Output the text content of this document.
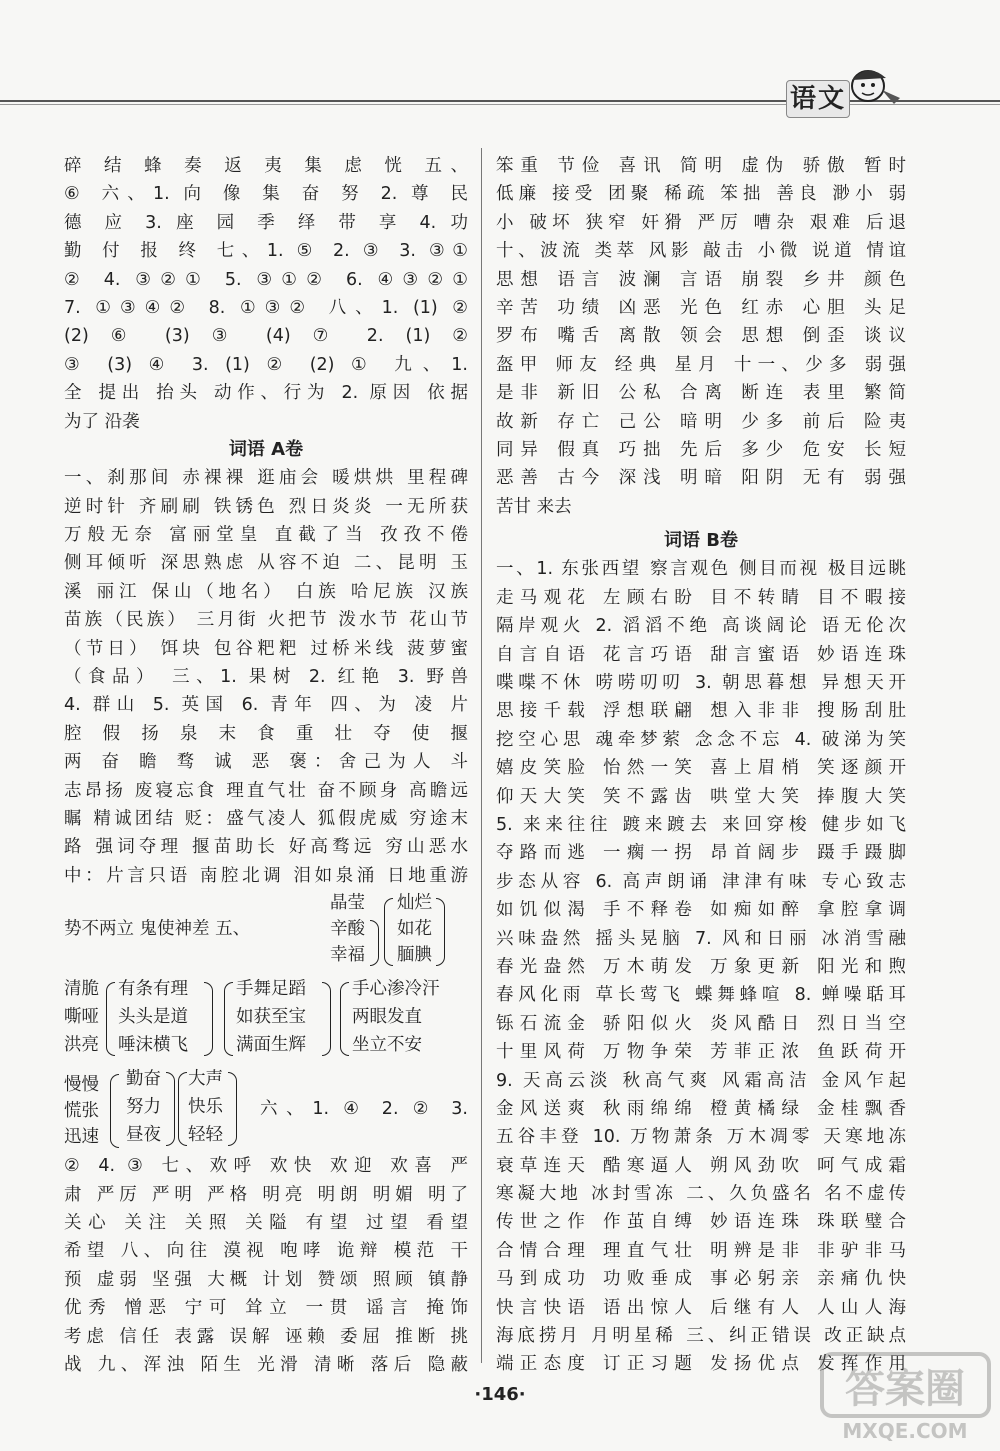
语文
碎 结 蜂 奏 返 夷 集 虑 恍 五、
⑥ 六、1. 向 像 集 奋 努 2. 尊 民
德 应 3. 座 园 季 绎 带 享 4. 功
勤 付 报 终 七、1. ⑤ 2. ③ 3. ③①
② 4. ③②① 5. ③①② 6. ④③②①
7. ①③④② 8. ①③② 八、1. (1) ②
(2) ⑥ (3) ③ (4) ⑦ 2. (1) ②
③ (3) ④ 3. (1) ② (2) ① 九、1.
全 提出 抬头 动作、行为 2. 原因 依据
为了 沿袭
词语 A卷
一、刹那间 赤裸裸 逛庙会 暖烘烘 里程碑
逆时针 齐刷刷 铁锈色 烈日炎炎 一无所获
万般无奈 富丽堂皇 直截了当 孜孜不倦
侧耳倾听 深思熟虑 从容不迫 二、昆明 玉
溪 丽江 保山（地名） 白族 哈尼族 汉族
苗族（民族） 三月街 火把节 泼水节 花山节
（节日） 饵块 包谷粑粑 过桥米线 菠萝蜜
（食品） 三、1. 果树 2. 红艳 3. 野兽
4. 群山 5. 英国 6. 青年 四、为 凌 片
腔 假 扬 泉 末 食 重 壮 夺 使 揠
两 奋 瞻 骛 诚 恶 褒：舍己为人 斗
志昂扬 废寝忘食 理直气壮 奋不顾身 高瞻远
瞩 精诚团结 贬：盛气凌人 狐假虎威 穷途末
路 强词夺理 揠苗助长 好高骛远 穷山恶水
中：片言只语 南腔北调 泪如泉涌 日地重游
势不两立 鬼使神差 五、
晶莹
辛酸
幸福
灿烂
如花
腼腆
清脆
嘶哑
洪亮
有条有理
头头是道
唾沫横飞
手舞足蹈
如获至宝
满面生辉
手心渗冷汗
两眼发直
坐立不安
慢慢
慌张
迅速
勤奋
努力
昼夜
大声
快乐
轻轻
六、1. ④ 2. ② 3.
② 4. ③ 七、欢呼 欢快 欢迎 欢喜 严
肃 严厉 严明 严格 明亮 明朗 明媚 明了
关心 关注 关照 关隘 有望 过望 看望
希望 八、向往 漠视 咆哮 诡辩 模范 干
预 虚弱 坚强 大概 计划 赞颂 照顾 镇静
优秀 憎恶 宁可 耸立 一贯 谣言 掩饰
考虑 信任 表露 误解 诬赖 委屈 推断 挑
战 九、浑浊 陌生 光滑 清晰 落后 隐蔽
笨重 节俭 喜讯 简明 虚伪 骄傲 暂时
低廉 接受 团聚 稀疏 笨拙 善良 渺小 弱
小 破坏 狭窄 奸猾 严厉 嘈杂 艰难 后退
十、波流 类萃 风影 敲击 小微 说道 情谊
思想 语言 波澜 言语 崩裂 乡井 颜色
辛苦 功绩 凶恶 光色 红赤 心胆 头足
罗布 嘴舌 离散 领会 思想 倒歪 谈议
盔甲 师友 经典 星月 十一、少多 弱强
是非 新旧 公私 合离 断连 表里 繁简
故新 存亡 己公 暗明 少多 前后 险夷
同异 假真 巧拙 先后 多少 危安 长短
恶善 古今 深浅 明暗 阳阴 无有 弱强
苦甘 来去
词语 B卷
一、1. 东张西望 察言观色 侧目而视 极目远眺
走马观花 左顾右盼 目不转睛 目不暇接
隔岸观火 2. 滔滔不绝 高谈阔论 语无伦次
自言自语 花言巧语 甜言蜜语 妙语连珠
喋喋不休 唠唠叨叨 3. 朝思暮想 异想天开
思接千载 浮想联翩 想入非非 搜肠刮肚
挖空心思 魂牵梦萦 念念不忘 4. 破涕为笑
嬉皮笑脸 怡然一笑 喜上眉梢 笑逐颜开
仰天大笑 笑不露齿 哄堂大笑 捧腹大笑
5. 来来往往 踱来踱去 来回穿梭 健步如飞
夺路而逃 一瘸一拐 昂首阔步 蹑手蹑脚
步态从容 6. 高声朗诵 津津有味 专心致志
如饥似渴 手不释卷 如痴如醉 拿腔拿调
兴味盎然 摇头晃脑 7. 风和日丽 冰消雪融
春光盎然 万木萌发 万象更新 阳光和煦
春风化雨 草长莺飞 蝶舞蜂喧 8. 蝉噪聒耳
铄石流金 骄阳似火 炎风酷日 烈日当空
十里风荷 万物争荣 芳菲正浓 鱼跃荷开
9. 天高云淡 秋高气爽 风霜高洁 金风乍起
金风送爽 秋雨绵绵 橙黄橘绿 金桂飘香
五谷丰登 10. 万物萧条 万木凋零 天寒地冻
衰草连天 酷寒逼人 朔风劲吹 呵气成霜
寒凝大地 冰封雪冻 二、久负盛名 名不虚传
传世之作 作茧自缚 妙语连珠 珠联璧合
合情合理 理直气壮 明辨是非 非驴非马
马到成功 功败垂成 事必躬亲 亲痛仇快
快言快语 语出惊人 后继有人 人山人海
海底捞月 月明星稀 三、纠正错误 改正缺点
端正态度 订正习题 发扬优点 发挥作用
·146·	答案圈
MXQE.COM
